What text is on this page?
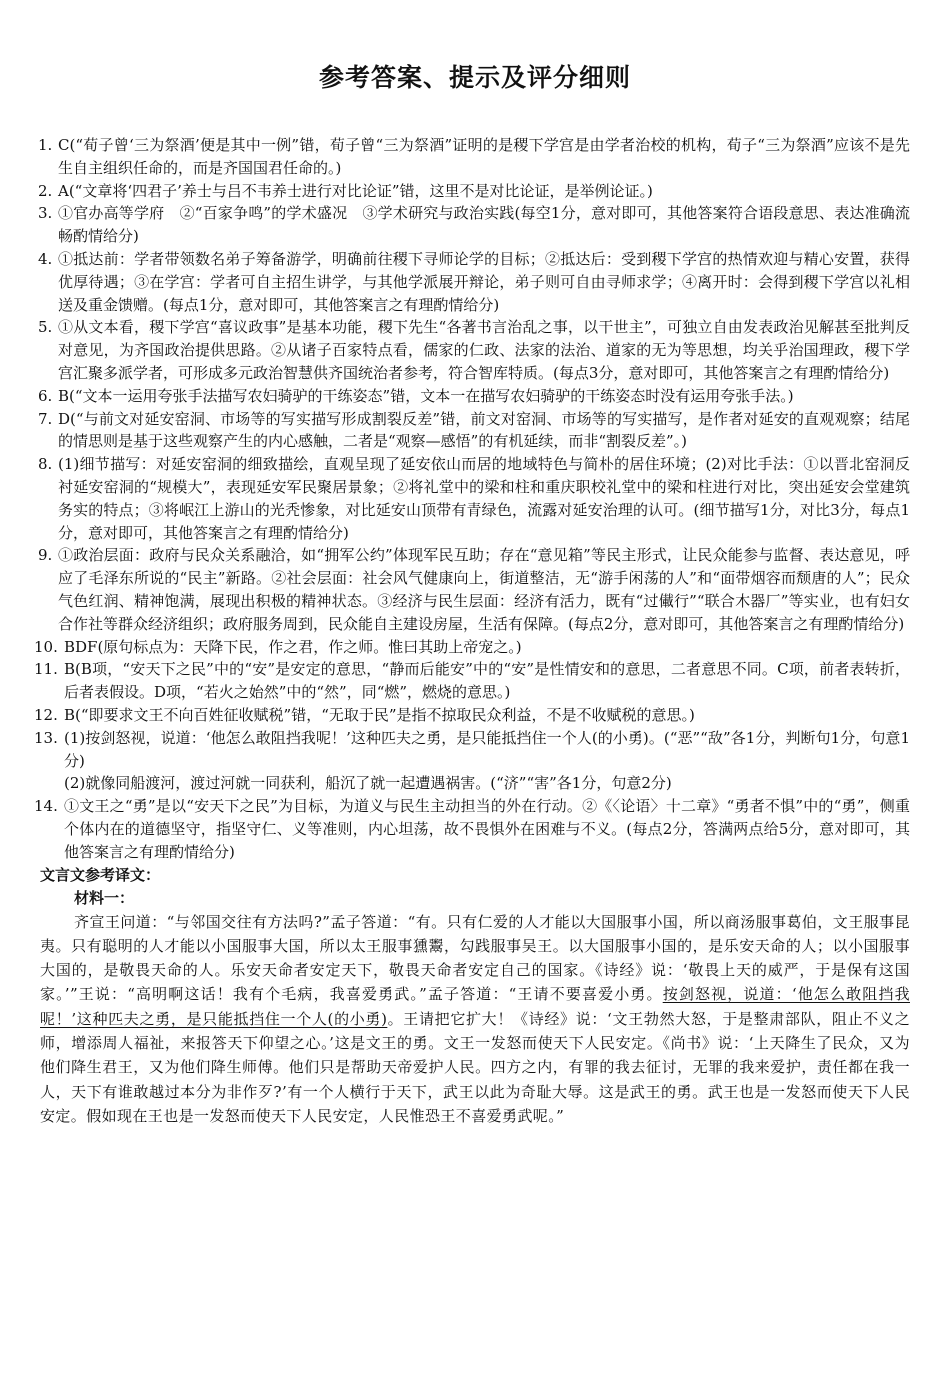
参考答案、提示及评分细则

1. C(“荀子曾‘三为祭酒’便是其中一例”错，荀子曾“三为祭酒”证明的是稷下学宫是由学者治校的机构，荀子“三为祭酒”应该不是先生自主组织任命的，而是齐国国君任命的。)

2. A(“文章将‘四君子’养士与吕不韦养士进行对比论证”错，这里不是对比论证，是举例论证。)

3. ①官办高等学府　②“百家争鸣”的学术盛况　③学术研究与政治实践(每空1分，意对即可，其他答案符合语段意思、表达准确流畅酌情给分)

4. ①抵达前：学者带领数名弟子筹备游学，明确前往稷下寻师论学的目标；②抵达后：受到稷下学宫的热情欢迎与精心安置，获得优厚待遇；③在学宫：学者可自主招生讲学，与其他学派展开辩论，弟子则可自由寻师求学；④离开时：会得到稷下学宫以礼相送及重金馈赠。(每点1分，意对即可，其他答案言之有理酌情给分)

5. ①从文本看，稷下学宫“喜议政事”是基本功能，稷下先生“各著书言治乱之事，以干世主”，可独立自由发表政治见解甚至批判反对意见，为齐国政治提供思路。②从诸子百家特点看，儒家的仁政、法家的法治、道家的无为等思想，均关乎治国理政，稷下学宫汇聚多派学者，可形成多元政治智慧供齐国统治者参考，符合智库特质。(每点3分，意对即可，其他答案言之有理酌情给分)

6. B(“文本一运用夸张手法描写农妇骑驴的干练姿态”错，文本一在描写农妇骑驴的干练姿态时没有运用夸张手法。)

7. D(“与前文对延安窑洞、市场等的写实描写形成割裂反差”错，前文对窑洞、市场等的写实描写，是作者对延安的直观观察；结尾的情思则是基于这些观察产生的内心感触，二者是“观察—感悟”的有机延续，而非“割裂反差”。)

8. (1)细节描写：对延安窑洞的细致描绘，直观呈现了延安依山而居的地域特色与简朴的居住环境；(2)对比手法：①以晋北窑洞反衬延安窑洞的“规模大”，表现延安军民聚居景象；②将礼堂中的梁和柱和重庆职校礼堂中的梁和柱进行对比，突出延安会堂建筑务实的特点；③将岷江上游山的光秃惨象，对比延安山顶带有青绿色，流露对延安治理的认可。(细节描写1分，对比3分，每点1分，意对即可，其他答案言之有理酌情给分)

9. ①政治层面：政府与民众关系融洽，如“拥军公约”体现军民互助；存在“意见箱”等民主形式，让民众能参与监督、表达意见，呼应了毛泽东所说的“民主”新路。②社会层面：社会风气健康向上，街道整洁，无“游手闲荡的人”和“面带烟容而颓唐的人”；民众气色红润、精神饱满，展现出积极的精神状态。③经济与民生层面：经济有活力，既有“过儎行”“联合木器厂”等实业，也有妇女合作社等群众经济组织；政府服务周到，民众能自主建设房屋，生活有保障。(每点2分，意对即可，其他答案言之有理酌情给分)

10. BDF(原句标点为：天降下民，作之君，作之师。惟曰其助上帝宠之。)

11. B(B项，“安天下之民”中的“安”是安定的意思，“静而后能安”中的“安”是性情安和的意思，二者意思不同。C项，前者表转折，后者表假设。D项，“若火之始然”中的“然”，同“燃”，燃烧的意思。)

12. B(“即要求文王不向百姓征收赋税”错，“无取于民”是指不掠取民众利益，不是不收赋税的意思。)

13. (1)按剑怒视，说道：‘他怎么敢阻挡我呢！’这种匹夫之勇，是只能抵挡住一个人(的小勇)。(“恶”“敌”各1分，判断句1分，句意1分)

(2)就像同船渡河，渡过河就一同获利，船沉了就一起遭遇祸害。(“济”“害”各1分，句意2分)

14. ①文王之“勇”是以“安天下之民”为目标，为道义与民生主动担当的外在行动。②《〈论语〉十二章》“勇者不惧”中的“勇”，侧重个体内在的道德坚守，指坚守仁、义等准则，内心坦荡，故不畏惧外在困难与不义。(每点2分，答满两点给5分，意对即可，其他答案言之有理酌情给分)

文言文参考译文：

材料一：

齐宣王问道：“与邻国交往有方法吗?”孟子答道：“有。只有仁爱的人才能以大国服事小国，所以商汤服事葛伯，文王服事昆夷。只有聪明的人才能以小国服事大国，所以太王服事獯鬻，勾践服事吴王。以大国服事小国的，是乐安天命的人；以小国服事大国的，是敬畏天命的人。乐安天命者安定天下，敬畏天命者安定自己的国家。《诗经》说：‘敬畏上天的威严，于是保有这国家。’”王说：“高明啊这话！我有个毛病，我喜爱勇武。”孟子答道：“王请不要喜爱小勇。按剑怒视，说道：‘他怎么敢阻挡我呢！’这种匹夫之勇，是只能抵挡住一个人(的小勇)。王请把它扩大！《诗经》说：‘文王勃然大怒，于是整肃部队，阻止不义之师，增添周人福祉，来报答天下仰望之心。’这是文王的勇。文王一发怒而使天下人民安定。《尚书》说：‘上天降生了民众，又为他们降生君王，又为他们降生师傅。他们只是帮助天帝爱护人民。四方之内，有罪的我去征讨，无罪的我来爱护，责任都在我一人，天下有谁敢越过本分为非作歹?’有一个人横行于天下，武王以此为奇耻大辱。这是武王的勇。武王也是一发怒而使天下人民安定。假如现在王也是一发怒而使天下人民安定，人民惟恐王不喜爱勇武呢。”
